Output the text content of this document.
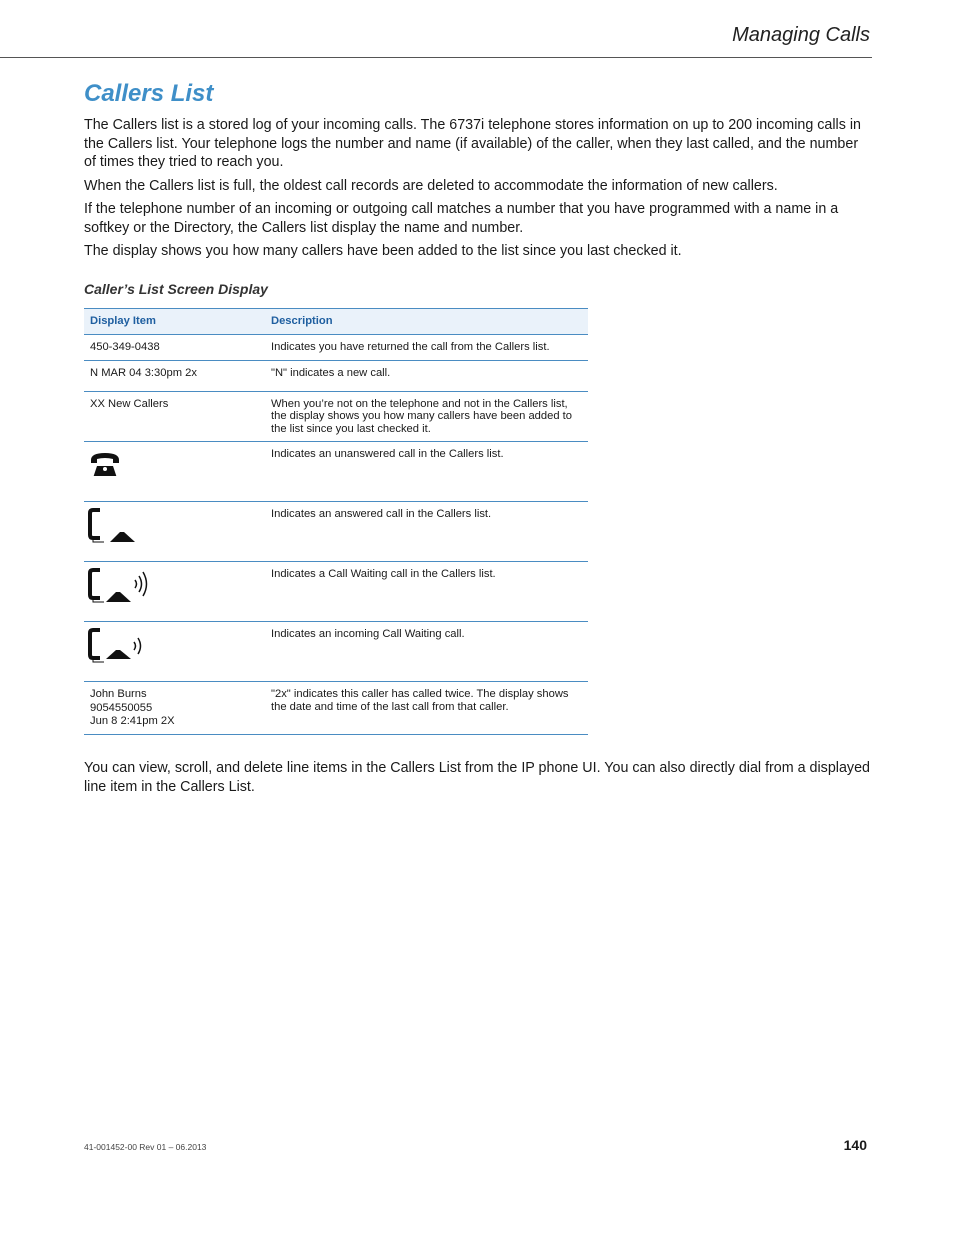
Managing Calls
Callers List

The Callers list is a stored log of your incoming calls. The 6737i telephone stores information on up to 200 incoming calls in the Callers list. Your telephone logs the number and name (if available) of the caller, when they last called, and the number of times they tried to reach you.

When the Callers list is full, the oldest call records are deleted to accommodate the information of new callers.

If the telephone number of an incoming or outgoing call matches a number that you have programmed with a name in a softkey or the Directory, the Callers list display the name and number.

The display shows you how many callers have been added to the list since you last checked it.

Caller’s List Screen Display
Display Item	Description
450-349-0438	Indicates you have returned the call from the Callers list.
N MAR 04 3:30pm 2x	"N" indicates a new call.
XX New Callers	When you’re not on the telephone and not in the Callers list, the display shows you how many callers have been added to the list since you last checked it.

	Indicates an unanswered call in the Callers list.

	Indicates an answered call in the Callers list.

	Indicates a Call Waiting call in the Callers list.

	Indicates an incoming Call Waiting call.

John Burns
9054550055
Jun 8 2:41pm 2X	"2x" indicates this caller has called twice. The display shows the date and time of the last call from that caller.

You can view, scroll, and delete line items in the Callers List from the IP phone UI. You can also directly dial from a displayed line item in the Callers List.

41-001452-00 Rev 01 – 06.2013	140
